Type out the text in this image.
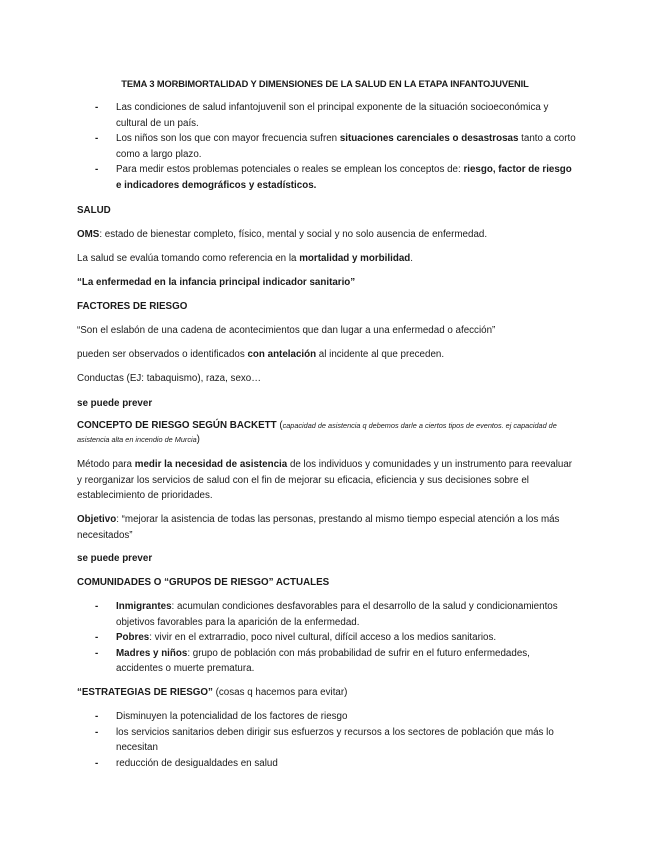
TEMA 3 MORBIMORTALIDAD Y DIMENSIONES DE LA SALUD EN LA ETAPA INFANTOJUVENIL
- Las condiciones de salud infantojuvenil son el principal exponente de la situación socioeconómica y cultural de un país.
- Los niños son los que con mayor frecuencia sufren situaciones carenciales o desastrosas tanto a corto como a largo plazo.
- Para medir estos problemas potenciales o reales se emplean los conceptos de: riesgo, factor de riesgo e indicadores demográficos y estadísticos.
SALUD
OMS: estado de bienestar completo, físico, mental y social y no solo ausencia de enfermedad.
La salud se evalúa tomando como referencia en la mortalidad y morbilidad.
“La enfermedad en la infancia principal indicador sanitario”
FACTORES DE RIESGO
“Son el eslabón de una cadena de acontecimientos que dan lugar a una enfermedad o afección”
pueden ser observados o identificados con antelación al incidente al que preceden.
Conductas (EJ: tabaquismo), raza, sexo…
se puede prever
CONCEPTO DE RIESGO SEGÚN BACKETT (capacidad de asistencia q debemos darle a ciertos tipos de eventos. ej capacidad de asistencia alta en incendio de Murcia)
Método para medir la necesidad de asistencia de los individuos y comunidades y un instrumento para reevaluar y reorganizar los servicios de salud con el fin de mejorar su eficacia, eficiencia y sus decisiones sobre el establecimiento de prioridades.
Objetivo: “mejorar la asistencia de todas las personas, prestando al mismo tiempo especial atención a los más necesitados”
se puede prever
COMUNIDADES O “GRUPOS DE RIESGO” ACTUALES
- Inmigrantes: acumulan condiciones desfavorables para el desarrollo de la salud y condicionamientos objetivos favorables para la aparición de la enfermedad.
- Pobres: vivir en el extrarradio, poco nivel cultural, difícil acceso a los medios sanitarios.
- Madres y niños: grupo de población con más probabilidad de sufrir en el futuro enfermedades, accidentes o muerte prematura.
“ESTRATEGIAS DE RIESGO” (cosas q hacemos para evitar)
- Disminuyen la potencialidad de los factores de riesgo
- los servicios sanitarios deben dirigir sus esfuerzos y recursos a los sectores de población que más lo necesitan
- reducción de desigualdades en salud
